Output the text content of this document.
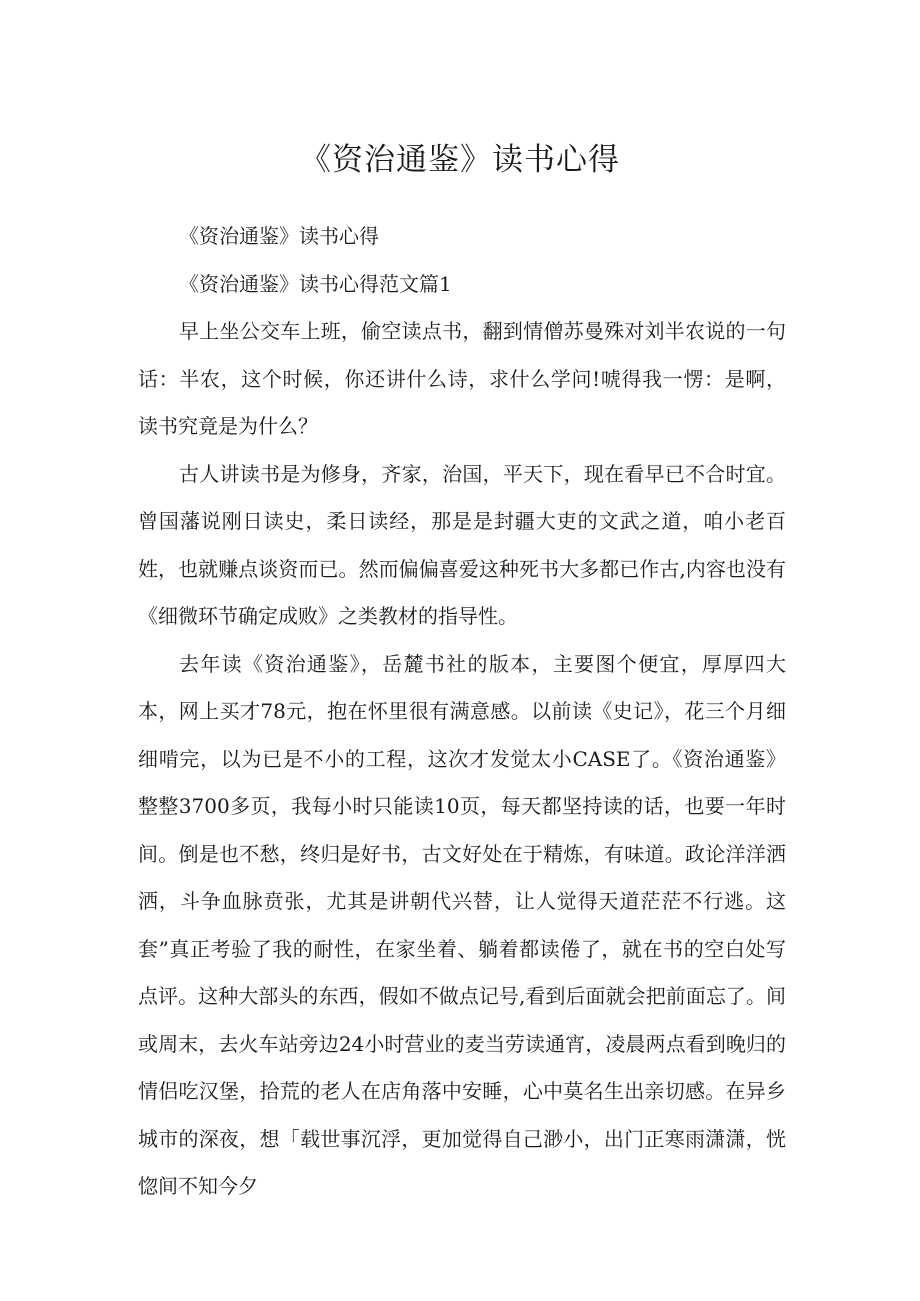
《资治通鉴》读书心得

《资治通鉴》读书心得

《资治通鉴》读书心得范文篇1

早上坐公交车上班，偷空读点书，翻到情僧苏曼殊对刘半农说的一句话：半农，这个时候，你还讲什么诗，求什么学问!唬得我一愣：是啊，读书究竟是为什么？

古人讲读书是为修身，齐家，治国，平天下，现在看早已不合时宜。曾国藩说刚日读史，柔日读经，那是是封疆大吏的文武之道，咱小老百姓，也就赚点谈资而已。然而偏偏喜爱这种死书大多都已作古,内容也没有《细微环节确定成败》之类教材的指导性。

去年读《资治通鉴》，岳麓书社的版本，主要图个便宜，厚厚四大本，网上买才78元，抱在怀里很有满意感。以前读《史记》，花三个月细细啃完，以为已是不小的工程，这次才发觉太小CASE了。《资治通鉴》整整3700多页，我每小时只能读10页，每天都坚持读的话，也要一年时间。倒是也不愁，终归是好书，古文好处在于精炼，有味道。政论洋洋洒洒，斗争血脉贲张，尤其是讲朝代兴替，让人觉得天道茫茫不行逃。这套”真正考验了我的耐性，在家坐着、躺着都读倦了，就在书的空白处写点评。这种大部头的东西，假如不做点记号,看到后面就会把前面忘了。间或周末，去火车站旁边24小时营业的麦当劳读通宵，凌晨两点看到晚归的情侣吃汉堡，拾荒的老人在店角落中安睡，心中莫名生出亲切感。在异乡城市的深夜，想「载世事沉浮，更加觉得自己渺小，出门正寒雨潇潇，恍惚间不知今夕
